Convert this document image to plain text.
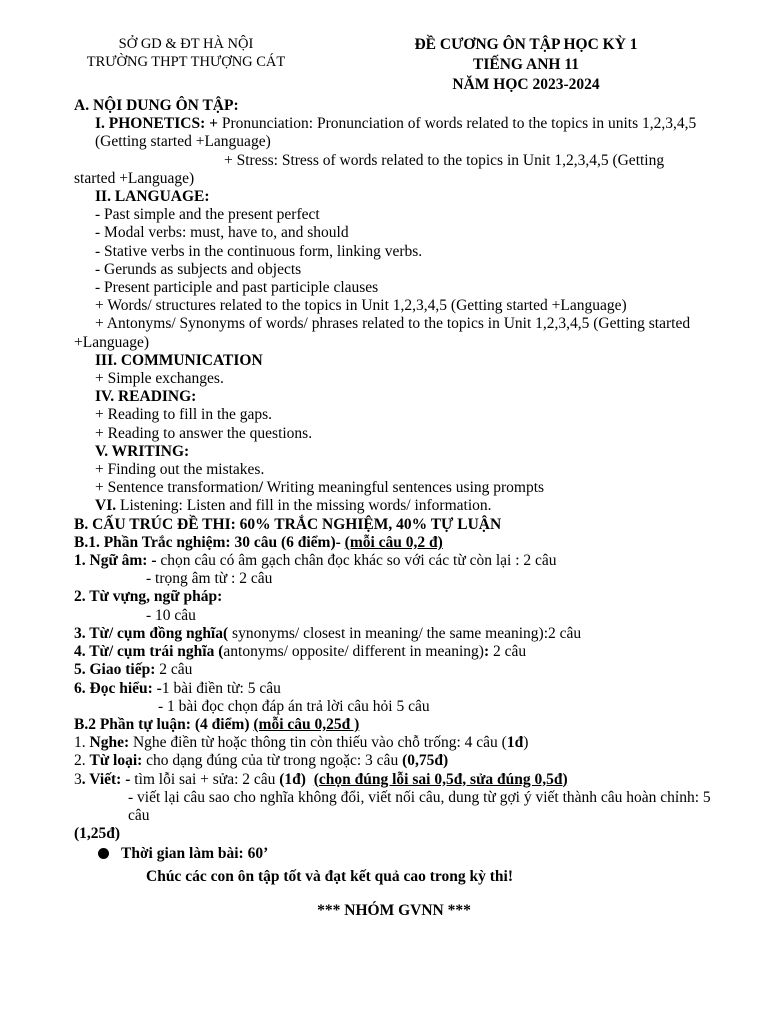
SỞ GD & ĐT HÀ NỘI
TRƯỜNG THPT THƯỢNG CÁT
ĐỀ CƯƠNG ÔN TẬP HỌC KỲ 1
TIẾNG ANH 11
NĂM HỌC 2023-2024
A. NỘI DUNG ÔN TẬP:
I. PHONETICS: + Pronunciation: Pronunciation of words related to the topics in units 1,2,3,4,5 (Getting started +Language)
+ Stress: Stress of words related to the topics in Unit 1,2,3,4,5 (Getting
started +Language)
II. LANGUAGE:
- Past simple and the present perfect
- Modal verbs: must, have to, and should
- Stative verbs in the continuous form, linking verbs.
- Gerunds as subjects and objects
- Present participle and past participle clauses
+ Words/ structures related to the topics in Unit 1,2,3,4,5 (Getting started +Language)
+ Antonyms/ Synonyms of words/ phrases related to the topics in Unit 1,2,3,4,5 (Getting started +Language)
III. COMMUNICATION
+ Simple exchanges.
IV. READING:
+ Reading to fill in the gaps.
+ Reading to answer the questions.
V. WRITING:
+ Finding out the mistakes.
+ Sentence transformation/ Writing meaningful sentences using prompts
VI. Listening: Listen and fill in the missing words/ information.
B. CẤU TRÚC ĐỀ THI: 60% TRẮC NGHIỆM, 40% TỰ LUẬN
B.1. Phần Trắc nghiệm: 30 câu (6 điểm)- (mỗi câu 0,2 đ)
1. Ngữ âm: - chọn câu có âm gạch chân đọc khác so với các từ còn lại : 2 câu
- trọng âm từ : 2 câu
2. Từ vựng, ngữ pháp:
- 10 câu
3. Từ/ cụm đồng nghĩa( synonyms/ closest in meaning/ the same meaning):2 câu
4. Từ/ cụm trái nghĩa (antonyms/ opposite/ different in meaning): 2 câu
5. Giao tiếp: 2 câu
6. Đọc hiểu: -1 bài điền từ: 5 câu
- 1 bài đọc chọn đáp án trả lời câu hỏi 5 câu
B.2 Phần tự luận: (4 điểm) (mỗi câu 0,25đ )
1. Nghe: Nghe điền từ hoặc thông tin còn thiếu vào chỗ trống: 4 câu (1đ)
2. Từ loại: cho dạng đúng của từ trong ngoặc: 3 câu (0,75đ)
3. Viết: - tìm lỗi sai + sửa: 2 câu (1đ) (chọn đúng lỗi sai 0,5đ, sửa đúng 0,5đ)
- viết lại câu sao cho nghĩa không đổi, viết nối câu, dung từ gợi ý viết thành câu hoàn chỉnh: 5 câu
(1,25đ)
Thời gian làm bài: 60’
Chúc các con ôn tập tốt và đạt kết quả cao trong kỳ thi!
*** NHÓM GVNN ***
